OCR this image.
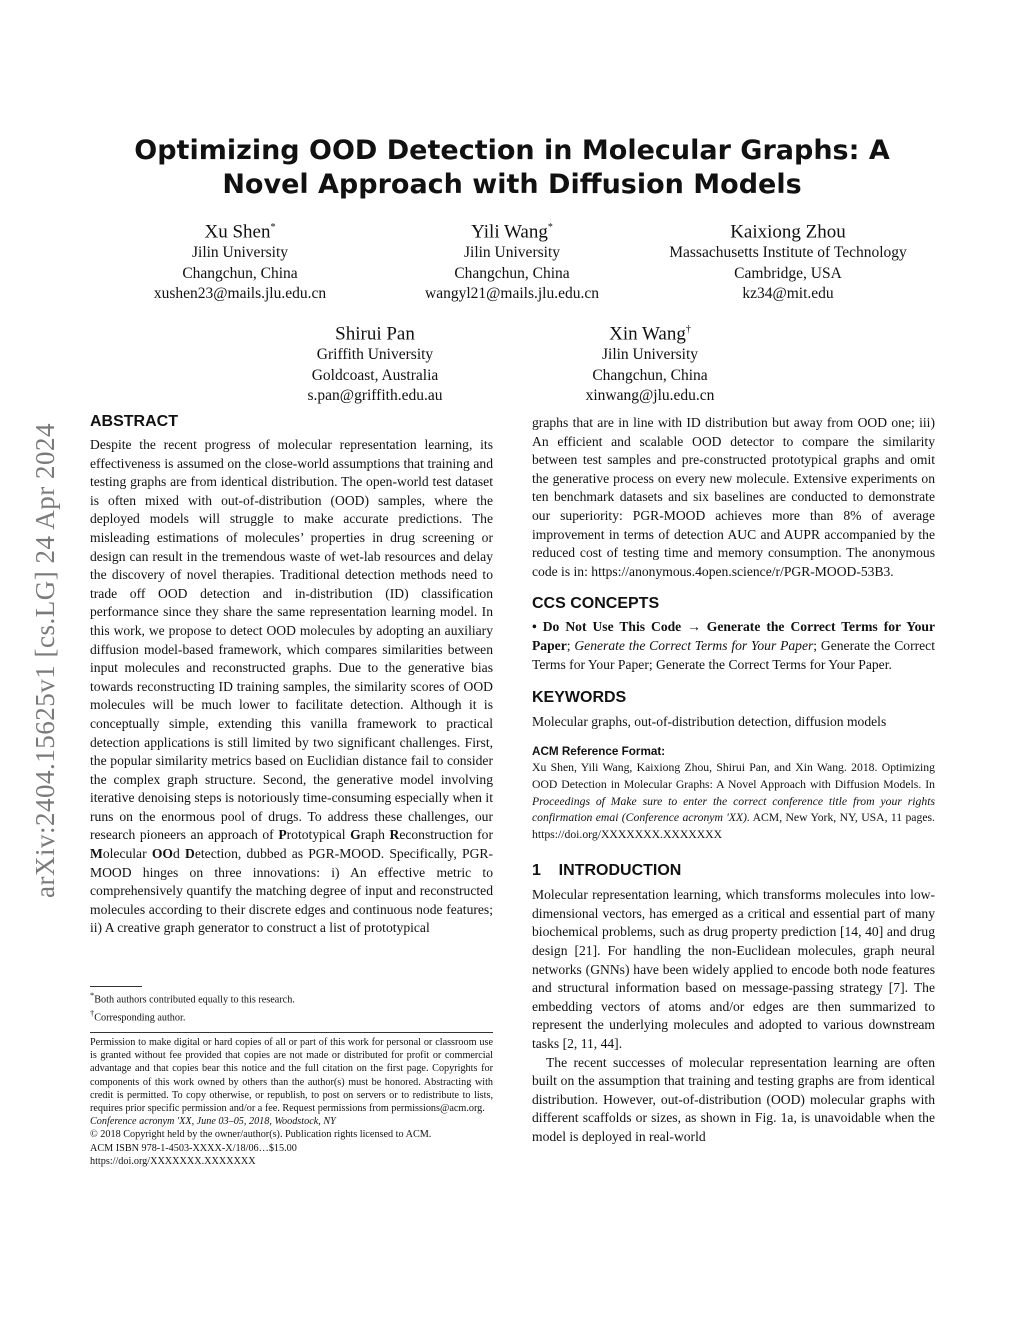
arXiv:2404.15625v1 [cs.LG] 24 Apr 2024
Optimizing OOD Detection in Molecular Graphs: A Novel Approach with Diffusion Models
Xu Shen*
Jilin University
Changchun, China
xushen23@mails.jlu.edu.cn
Yili Wang*
Jilin University
Changchun, China
wangyl21@mails.jlu.edu.cn
Kaixiong Zhou
Massachusetts Institute of Technology
Cambridge, USA
kz34@mit.edu
Shirui Pan
Griffith University
Goldcoast, Australia
s.pan@griffith.edu.au
Xin Wang†
Jilin University
Changchun, China
xinwang@jlu.edu.cn
ABSTRACT

Despite the recent progress of molecular representation learning, its effectiveness is assumed on the close-world assumptions that training and testing graphs are from identical distribution. The open-world test dataset is often mixed with out-of-distribution (OOD) samples, where the deployed models will struggle to make accurate predictions. The misleading estimations of molecules’ properties in drug screening or design can result in the tremendous waste of wet-lab resources and delay the discovery of novel therapies. Traditional detection methods need to trade off OOD detection and in-distribution (ID) classification performance since they share the same representation learning model. In this work, we propose to detect OOD molecules by adopting an auxiliary diffusion model-based framework, which compares similarities between input molecules and reconstructed graphs. Due to the generative bias towards reconstructing ID training samples, the similarity scores of OOD molecules will be much lower to facilitate detection. Although it is conceptually simple, extending this vanilla framework to practical detection applications is still limited by two significant challenges. First, the popular similarity metrics based on Euclidian distance fail to consider the complex graph structure. Second, the generative model involving iterative denoising steps is notoriously time-consuming especially when it runs on the enormous pool of drugs. To address these challenges, our research pioneers an approach of Prototypical Graph Reconstruction for Molecular OOd Detection, dubbed as PGR-MOOD. Specifically, PGR-MOOD hinges on three innovations: i) An effective metric to comprehensively quantify the matching degree of input and reconstructed molecules according to their discrete edges and continuous node features; ii) A creative graph generator to construct a list of prototypical

*Both authors contributed equally to this research.
†Corresponding author.

Permission to make digital or hard copies of all or part of this work for personal or classroom use is granted without fee provided that copies are not made or distributed for profit or commercial advantage and that copies bear this notice and the full citation on the first page. Copyrights for components of this work owned by others than the author(s) must be honored. Abstracting with credit is permitted. To copy otherwise, or republish, to post on servers or to redistribute to lists, requires prior specific permission and/or a fee. Request permissions from permissions@acm.org.

Conference acronym 'XX, June 03–05, 2018, Woodstock, NY

© 2018 Copyright held by the owner/author(s). Publication rights licensed to ACM.

ACM ISBN 978-1-4503-XXXX-X/18/06…$15.00

https://doi.org/XXXXXXX.XXXXXXX

graphs that are in line with ID distribution but away from OOD one; iii) An efficient and scalable OOD detector to compare the similarity between test samples and pre-constructed prototypical graphs and omit the generative process on every new molecule. Extensive experiments on ten benchmark datasets and six baselines are conducted to demonstrate our superiority: PGR-MOOD achieves more than 8% of average improvement in terms of detection AUC and AUPR accompanied by the reduced cost of testing time and memory consumption. The anonymous code is in: https://anonymous.4open.science/r/PGR-MOOD-53B3.

CCS CONCEPTS

• Do Not Use This Code → Generate the Correct Terms for Your Paper; Generate the Correct Terms for Your Paper; Generate the Correct Terms for Your Paper; Generate the Correct Terms for Your Paper.

KEYWORDS

Molecular graphs, out-of-distribution detection, diffusion models

ACM Reference Format:

Xu Shen, Yili Wang, Kaixiong Zhou, Shirui Pan, and Xin Wang. 2018. Optimizing OOD Detection in Molecular Graphs: A Novel Approach with Diffusion Models. In Proceedings of Make sure to enter the correct conference title from your rights confirmation emai (Conference acronym 'XX). ACM, New York, NY, USA, 11 pages. https://doi.org/XXXXXXX.XXXXXXX

1    INTRODUCTION

Molecular representation learning, which transforms molecules into low-dimensional vectors, has emerged as a critical and essential part of many biochemical problems, such as drug property prediction [14, 40] and drug design [21]. For handling the non-Euclidean molecules, graph neural networks (GNNs) have been widely applied to encode both node features and structural information based on message-passing strategy [7]. The embedding vectors of atoms and/or edges are then summarized to represent the underlying molecules and adopted to various downstream tasks [2, 11, 44].

The recent successes of molecular representation learning are often built on the assumption that training and testing graphs are from identical distribution. However, out-of-distribution (OOD) molecular graphs with different scaffolds or sizes, as shown in Fig. 1a, is unavoidable when the model is deployed in real-world
